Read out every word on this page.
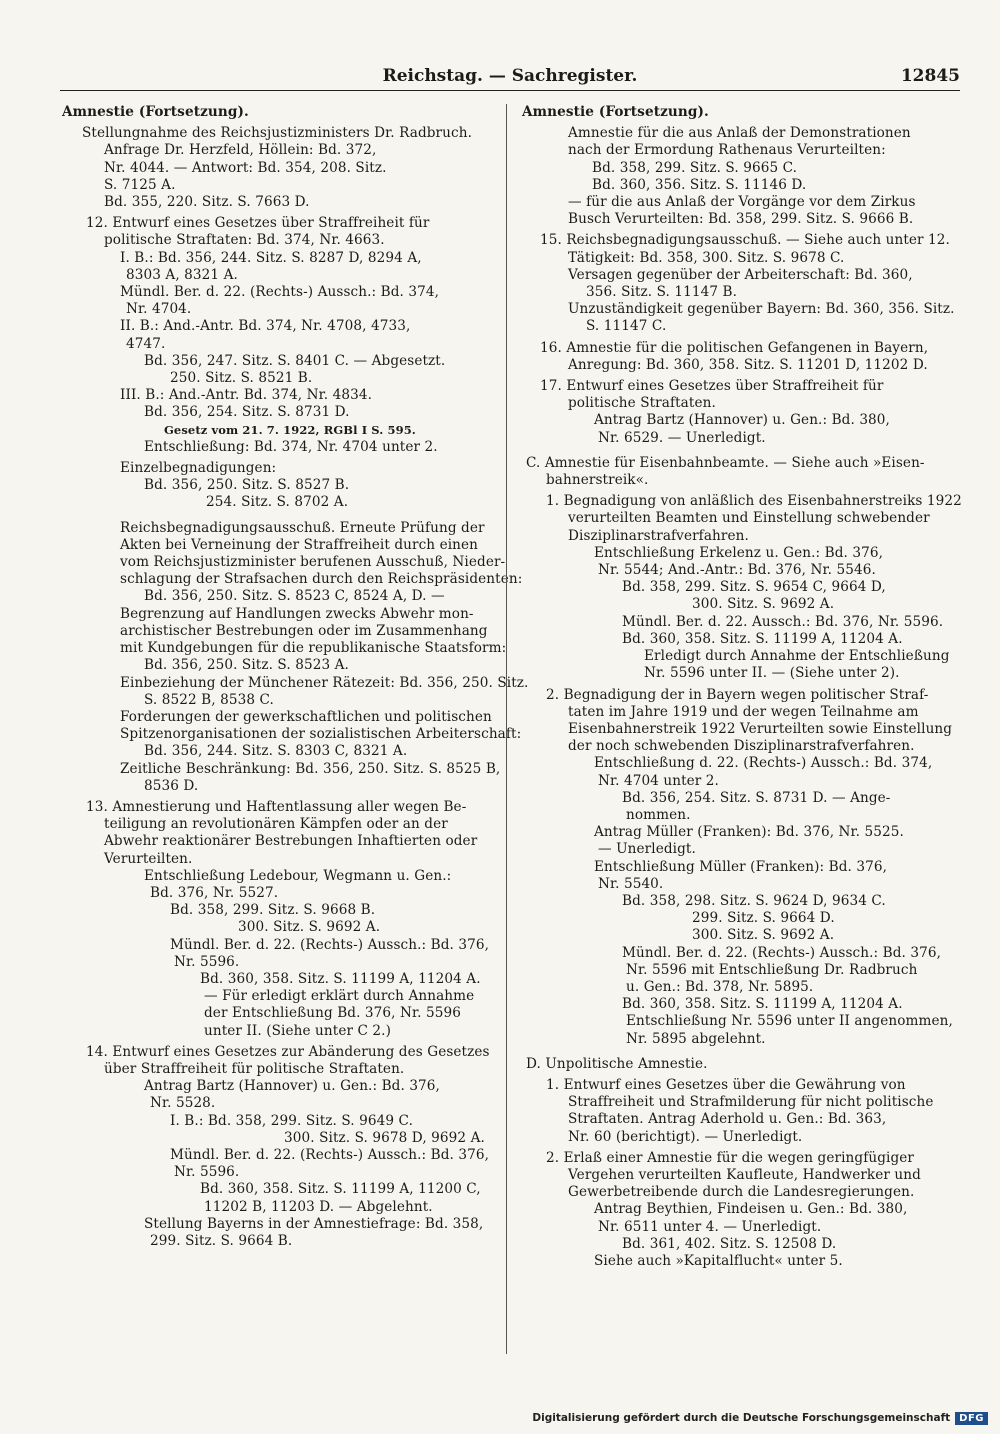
Reichstag. — Sachregister.	12845
Amnestie (Fortsetzung).
Stellungnahme des Reichsjustizministers Dr. Radbruch.
Anfrage Dr. Herzfeld, Höllein: Bd. 372,
Nr. 4044. — Antwort: Bd. 354, 208. Sitz.
S. 7125 A.
Bd. 355, 220. Sitz. S. 7663 D.
12. Entwurf eines Gesetzes über Straffreiheit für
politische Straftaten: Bd. 374, Nr. 4663.
I. B.: Bd. 356, 244. Sitz. S. 8287 D, 8294 A,
8303 A, 8321 A.
Mündl. Ber. d. 22. (Rechts-) Aussch.: Bd. 374,
Nr. 4704.
II. B.: And.-Antr. Bd. 374, Nr. 4708, 4733,
4747.
Bd. 356, 247. Sitz. S. 8401 C. — Abgesetzt.
250. Sitz. S. 8521 B.
III. B.: And.-Antr. Bd. 374, Nr. 4834.
Bd. 356, 254. Sitz. S. 8731 D.
Gesetz vom 21. 7. 1922, RGBl I S. 595.
Entschließung: Bd. 374, Nr. 4704 unter 2.
Einzelbegnadigungen:
Bd. 356, 250. Sitz. S. 8527 B.
254. Sitz. S. 8702 A.
Reichsbegnadigungsausschuß. Erneute Prüfung der
Akten bei Verneinung der Straffreiheit durch einen
vom Reichsjustizminister berufenen Ausschuß, Nieder-
schlagung der Strafsachen durch den Reichspräsidenten:
Bd. 356, 250. Sitz. S. 8523 C, 8524 A, D. —
Begrenzung auf Handlungen zwecks Abwehr mon-
archistischer Bestrebungen oder im Zusammenhang
mit Kundgebungen für die republikanische Staatsform:
Bd. 356, 250. Sitz. S. 8523 A.
Einbeziehung der Münchener Rätezeit: Bd. 356, 250. Sitz.
S. 8522 B, 8538 C.
Forderungen der gewerkschaftlichen und politischen
Spitzenorganisationen der sozialistischen Arbeiterschaft:
Bd. 356, 244. Sitz. S. 8303 C, 8321 A.
Zeitliche Beschränkung: Bd. 356, 250. Sitz. S. 8525 B,
8536 D.
13. Amnestierung und Haftentlassung aller wegen Be-
teiligung an revolutionären Kämpfen oder an der
Abwehr reaktionärer Bestrebungen Inhaftierten oder
Verurteilten.
Entschließung Ledebour, Wegmann u. Gen.:
Bd. 376, Nr. 5527.
Bd. 358, 299. Sitz. S. 9668 B.
300. Sitz. S. 9692 A.
Mündl. Ber. d. 22. (Rechts-) Aussch.: Bd. 376,
Nr. 5596.
Bd. 360, 358. Sitz. S. 11199 A, 11204 A.
— Für erledigt erklärt durch Annahme
der Entschließung Bd. 376, Nr. 5596
unter II. (Siehe unter C 2.)
14. Entwurf eines Gesetzes zur Abänderung des Gesetzes
über Straffreiheit für politische Straftaten.
Antrag Bartz (Hannover) u. Gen.: Bd. 376,
Nr. 5528.
I. B.: Bd. 358, 299. Sitz. S. 9649 C.
300. Sitz. S. 9678 D, 9692 A.
Mündl. Ber. d. 22. (Rechts-) Aussch.: Bd. 376,
Nr. 5596.
Bd. 360, 358. Sitz. S. 11199 A, 11200 C,
11202 B, 11203 D. — Abgelehnt.
Stellung Bayerns in der Amnestiefrage: Bd. 358,
299. Sitz. S. 9664 B.
Amnestie (Fortsetzung).
Amnestie für die aus Anlaß der Demonstrationen
nach der Ermordung Rathenaus Verurteilten:
Bd. 358, 299. Sitz. S. 9665 C.
Bd. 360, 356. Sitz. S. 11146 D.
— für die aus Anlaß der Vorgänge vor dem Zirkus
Busch Verurteilten: Bd. 358, 299. Sitz. S. 9666 B.
15. Reichsbegnadigungsausschuß. — Siehe auch unter 12.
Tätigkeit: Bd. 358, 300. Sitz. S. 9678 C.
Versagen gegenüber der Arbeiterschaft: Bd. 360,
356. Sitz. S. 11147 B.
Unzuständigkeit gegenüber Bayern: Bd. 360, 356. Sitz.
S. 11147 C.
16. Amnestie für die politischen Gefangenen in Bayern,
Anregung: Bd. 360, 358. Sitz. S. 11201 D, 11202 D.
17. Entwurf eines Gesetzes über Straffreiheit für
politische Straftaten.
Antrag Bartz (Hannover) u. Gen.: Bd. 380,
Nr. 6529. — Unerledigt.
C. Amnestie für Eisenbahnbeamte. — Siehe auch »Eisen-
bahnerstreik«.
1. Begnadigung von anläßlich des Eisenbahnerstreiks 1922
verurteilten Beamten und Einstellung schwebender
Disziplinarstrafverfahren.
Entschließung Erkelenz u. Gen.: Bd. 376,
Nr. 5544; And.-Antr.: Bd. 376, Nr. 5546.
Bd. 358, 299. Sitz. S. 9654 C, 9664 D,
300. Sitz. S. 9692 A.
Mündl. Ber. d. 22. Aussch.: Bd. 376, Nr. 5596.
Bd. 360, 358. Sitz. S. 11199 A, 11204 A.
Erledigt durch Annahme der Entschließung
Nr. 5596 unter II. — (Siehe unter 2).
2. Begnadigung der in Bayern wegen politischer Straf-
taten im Jahre 1919 und der wegen Teilnahme am
Eisenbahnerstreik 1922 Verurteilten sowie Einstellung
der noch schwebenden Disziplinarstrafverfahren.
Entschließung d. 22. (Rechts-) Aussch.: Bd. 374,
Nr. 4704 unter 2.
Bd. 356, 254. Sitz. S. 8731 D. — Ange-
nommen.
Antrag Müller (Franken): Bd. 376, Nr. 5525.
— Unerledigt.
Entschließung Müller (Franken): Bd. 376,
Nr. 5540.
Bd. 358, 298. Sitz. S. 9624 D, 9634 C.
299. Sitz. S. 9664 D.
300. Sitz. S. 9692 A.
Mündl. Ber. d. 22. (Rechts-) Aussch.: Bd. 376,
Nr. 5596 mit Entschließung Dr. Radbruch
u. Gen.: Bd. 378, Nr. 5895.
Bd. 360, 358. Sitz. S. 11199 A, 11204 A.
Entschließung Nr. 5596 unter II angenommen,
Nr. 5895 abgelehnt.
D. Unpolitische Amnestie.
1. Entwurf eines Gesetzes über die Gewährung von
Straffreiheit und Strafmilderung für nicht politische
Straftaten. Antrag Aderhold u. Gen.: Bd. 363,
Nr. 60 (berichtigt). — Unerledigt.
2. Erlaß einer Amnestie für die wegen geringfügiger
Vergehen verurteilten Kaufleute, Handwerker und
Gewerbetreibende durch die Landesregierungen.
Antrag Beythien, Findeisen u. Gen.: Bd. 380,
Nr. 6511 unter 4. — Unerledigt.
Bd. 361, 402. Sitz. S. 12508 D.
Siehe auch »Kapitalflucht« unter 5.
Digitalisierung gefördert durch die Deutsche Forschungsgemeinschaft DFG
